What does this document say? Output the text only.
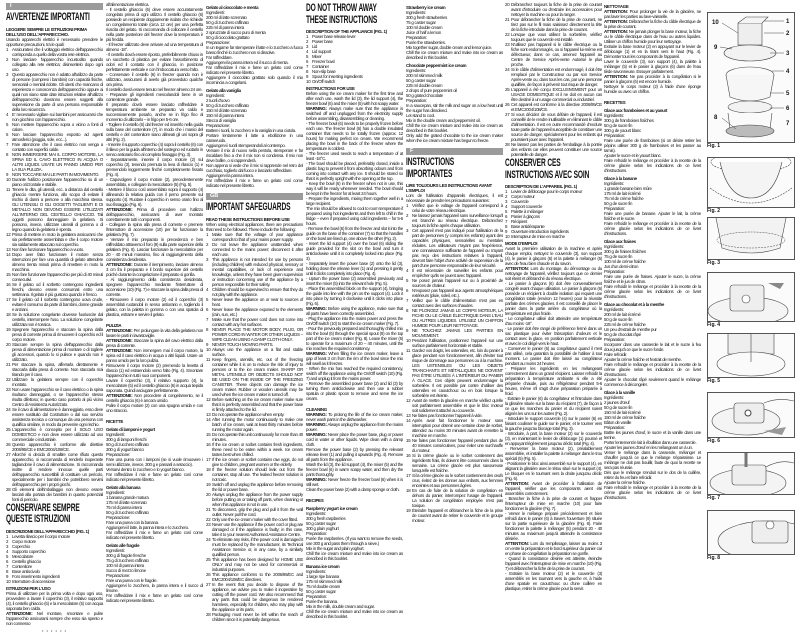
I
AVVERTENZE IMPORTANTI
LEGGERE SEMPRE LE ISTRUZIONI PRIMA DELL'USO DELL'APPARECCHIO.
Usando apparecchi elettrici è necessario prendere le opportune precauzioni, tra le quali:
1 Assicuratevi che il voltaggio elettrico dell'apparecchio corrisponda a quello della vostra rete elettrica.
2 Non lasciare l'apparecchio incustodito quando collegato alla rete elettrica; disinseritelo dopo ogni uso.
3 Questo apparecchio non è adatto all'utilizzo da parte di persone (compresi i bambini) con capacità fisiche, sensoriali o mentali ridotte. Gli utenti che mancano di esperienza e conoscenza dell'apparecchio oppure ai quali non siano state date istruzioni relative all'utilizzo dell'apparecchio dovranno essere soggetti alla supervisione da parte di una persona responsabile della loro sicurezza.
4 E' necessario vigilare sui bambini per assicurarsi che non giochino con l'apparecchio.
5 Non mettere l'apparecchio sopra o vicino a fonti di calore.
6 Non lasciare l'apparecchio esposto ad agenti atmosferici (pioggia, sole, ecc...).
7 Fare attenzione che il cavo elettrico non venga a contatto con superfici calde.
8 NON IMMERGERE MAI IL CORPO MOTORE, LA SPINA ED IL CAVO ELETTRICO IN ACQUA O ALTRI LIQUIDI. USATE UN PANNO UMIDO PER LA SUA PULIZIA.
9 NON TOCCARE MAI LE PARTI IN MOVIMENTO.
10 Durante l'utilizzo posizionare l'apparecchio su di un piano orizzontale e stabile.
11 Tenere le dita, gli utensili, ecc. a distanza dal cestello ghiaccio mentre funziona, allo scopo di evitare il rischio di danni a persone o alla macchina stessa. GLI UTENSILI O GLI OGGETTI TAGLIENTI E DI METALLO NON DEVONO ESSERE UTILIZZATI ALL'INTERNO DEL CESTELLO GHIACCIO. Tali oggetti possono danneggiare la gelatiera. Si possono, invece, utilizzare utensili di gomma o di legno quando la gelatiera è spenta.
12 Prima di mettere in moto la gelatiera assicurarsi che sia perfettamente assemblata e che il corpo motore sia saldamente attaccato sul coperchio.
13 Non fare funzionare l'apparecchio a vuoto.
14 Dopo aver fatto funzionare il motore senza interruzioni per fare una quantità di gelato attendere almeno trenta minuti prima di rimettere in moto la macchina.
15 Non fare funzionare l'apparecchio per più di 40 minuti consecutivi.
16 Se il gelato od il sorbetto contengono ingredienti freschi, devono essere consumati entro una settimana. Il gelato è più gustoso quando è fresco.
17 Se il gelato od il sorbetto contengono uova crude, evitare il consumo da parte di bambini, donne gravide e anziani.
18 Se la soluzione congelante dovesse fuoriuscire dal cestello, interrompere l'uso. La soluzione congelante utilizzata non è tossica.
19 Spegnere l'apparecchio e staccare la spina dalla presa di corrente prima di rimuovere il coperchio ed il corpo motore.
20 Staccare sempre la spina dell'apparecchio dalla presa di alimentazione prima di montare o di togliere gli accessori, quando lo si pulisce e quando non è utilizzato.
21 Per staccare la spina, afferrarla direttamente e staccarla dalla presa di corrente. Non staccarla mai tirando per il cavo.
22 Utilizzare la gelatiera sempre con il coperchio montato.
23 Non usare l'apparecchio se il cavo elettrico o la spina risultano danneggiati, o se l'apparecchio stesso risulta difettoso; in questo caso portarlo al più vicino Centro di Assistenza Autorizzato.
24 Se il cavo di alimentazione è danneggiato, esso deve essere sostituito dal Costruttore o dal suo servizio assistenza tecnica o comunque da una persona con qualifica similare, in modo da prevenire ogni rischio.
25 L'apparecchio è concepito per il SOLO USO DOMESTICO e non deve essere utilizzato ad uso commerciale o industriale.
26 Questo apparecchio è conforme alle direttive 2006/95/CE e EMC2004/108/CE.
27 Allorché si decida di smaltire come rifiuto questo apparecchio, si raccomanda di renderlo inoperante tagliandone il cavo di alimentazione. Si raccomanda inoltre di rendere innocue quelle parti dell'apparecchio suscettibili di costituire un pericolo, specialmente per i bambini che potrebbero servirsi dell'apparecchio per i propri giochi.
28 Gli elementi dell'imballaggio non devono essere lasciati alla portata dei bambini in quanto potenziali fonti di pericolo.
CONSERVARE SEMPRE QUESTE ISTRUZIONI
DESCRIZIONE DELL'APPARECCHIO (FIG. 1)
1 Levetta rilascio per il corpo motore
2 Corpo motore
3 Coperchio
4 Supporto coperchio
5 Mescolatore
6 Cestello ghiaccio
7 Contenitore
8 Base antiscivolo
9 Foro inserimento ingredienti
10 Interruttore di accensione
ISTRUZIONI PER L'USO
Prima di utilizzare per la prima volta e dopo ogni uso, provvedere a lavare il coperchio (3), il relativo supporto (4), il cestello ghiaccio (6) e la mescolatore (5) con acqua saponata ben calda.
ATTENZIONE: Nel montare, smontare e pulire l'apparecchio assicurarsi sempre che esso sia spento e non connesso
• • • • • •
all'alimentazione elettrica.
- Il cestello ghiaccio (6) deve essere accuratamente congelato prima di ogni utilizzo. Il cestello ghiaccio (6) possiede un recipiente doppiamente isolato che richiede un congelamento totale (circa 12 ore) per una perfetta riuscita del gelato. Si raccomanda di collocare il cestello nella parte posteriore del freezer dove la temperatura è più fredda.
- Il freezer utilizzato deve arrivare ad una temperatura di almeno -18°.
- Il cestello dovrà essere riposto, preferibilmente chiuso in un sacchetto di plastica per evitare l'assorbimento di odori ed il contatto con il ghiaccio, in posizione perfettamente verticale e con l'imboccatura verso l'alto.
- Conservare il cestello (6) in freezer quando non è utilizzato, assicurarsi di averlo già provveduto qualche ora prima.
Il cestello dovrà essere tenuto nel freezer almeno 24 ore.
- Preparare gli ingredienti mescolandoli bene in un contenitore grande.
Il preparato dovrà essere lasciato raffreddare a temperatura ambiente se preparato va caldo e successivamente posarlo, anche se in frigo fino al momento di utilizzarlo – in frigo per 5-6 ore.
- Togliere il cestello (6) dal freezer ed inserirlo nella guida sulla base del contenitore (7), in modo che i manici del cestello e del contenitore siano allineati gli uni sopra gli altri (Fig. 2).
- Inserire il supporto coperchio (4) sopra il cestello (6) con il rilievo per la guida all'interno del sostegno ed ruotarlo in senso antiorario fino al completo fissaggio (Fig. 3).
- Separatamente, inserire il corpo motore (2) sul coperchio (3), tenendo premuta la leva di rilascio (1) e premendolo leggermente finché completamente fissato (Fig. 4).
- Capovolgere il corpo motore (2), precedentemente assemblato, e collegare la mescolatore (5) (Fig. 5).
- Mettere il blocco così assemblato sopra il supporto (4) allineando la relativa guida con il perno presente sul supporto (4). Ruotare il coperchio in senso orario fino al suo fissaggio (Fig. 6).
ATTENZIONE: Prima di procedere con l'utilizzo dell'apparecchio, assicurarsi di aver montato correttamente tutti i componenti.
- Collegare la spina alla presa di corrente e premere l'interruttore di accensione (10) per far funzionare la gelatiera (Fig. 7).
- Versare il mix preparato in precedenza e ben raffreddato attraverso il foro (9) sulla parte superiore della gelatiera (Fig. 8). Lasciar funzionare la mescolatrice per 20 - 40 minuti massimo, fino al raggiungimento della consistenza desiderata.
ATTENZIONE: Durante il riempimento, lasciare almeno 3 cm fra il preparato e il bordo superiore del cestello poiché durante la congelazione il preparato si gonfia.
- Al raggiungimento della consistenza desiderata, spegnere l'apparecchio mediante l'interruttore di accensione (10) (Fig. 7) e staccare la spina dalla presa di corrente.
- Rimuovere il corpo motore (2) ed il coperchio (3) assemblati ruotandoli in senso antiorario e, togliendo il gelato, con la paletta in gomma o con una spatola di plastica, estrarre e servire il gelato.
PULIZIA
ATTENZIONE: Per prolungare la vita della gelatiera non lavare le parti in lavastoviglie.
ATTENZIONE: Staccare la spina del cavo elettrico dalla presa di corrente.
ATTENZIONE: Non immergere mai il corpo motore, la spina ed il cavo elettrico in acqua o altri liquidi. Usare un panno umido per la loro pulizia.
Rimuovere il corpo motore (2) premendo la levetta di rilascio (1) ed estraendolo verso l'alto (Fig. 4). Smontare l'apparecchio in tutti i suoi componenti.
Lavare il coperchio (3), il relativo supporto (4), la mescolatore (5) ed il cestello ghiaccio (6) in acqua tiepida saponata. Quindi asciugare perfettamente.
ATTENZIONE: Non procedere al congelamento, se il cestello ghiaccio (6) è ancora umido.
Pulire il corpo motore (2) con una spugna umida e con uno straccio.
RICETTE
Gelato di lamponi e yogurt
Ingredienti:
300 g di lamponi freschi
50 g di zucchero raffinato
300 g di yogurt bianco
Preparazione:
Fare una purea con i lamponi (se si vuole rimuovere i semi utilizzare, invece, 300 g e passarli a setaccio).
Versarvi dentro lo zucchero e lo yogurt bianco.
Far raffreddare il mix e farne un gelato così come indicato nel presente libretto.
Gelato alla banana
Ingredienti:
1 banana grande matura
175 ml di latte scremato
75 ml di panna intera
50 g di zucchero raffinato
Preparazione:
Fare una purea con la banana.
Aggiungervi il latte, la panna intera e lo zucchero.
Far raffreddare il mix e farne un gelato così come indicato nel presente libretto.
Gelato alle fragole
Ingredienti:
300 g di fragole fresche
75 g di zucchero raffinato
100 ml di panna intera
Succo di mezzo limone
Preparazione:
Fare una purea con le fragole.
Aggiungervi lo zucchero, la panna intera e il succo di limone.
Far raffreddare il mix e farne un gelato così come indicato nel presente libretto.
Gelato al cioccolato e menta
Ingredienti:
200 ml di latte scremato
50 g di zucchero raffinato
225 ml di panna intera
2 spruzzate di succo puro di menta
50 g di cioccolato grattato
Preparazione:
In un tegame far stemperare il latte e lo zucchero a fuoco basso finché lo zucchero non si dissolve.
Far raffreddare.
Aggiungervi la panna intera ed il succo di menta.
Far raffreddare il mix e farne un gelato così come indicato nel presente libretto.
Aggiungere il cioccolato grattato solo quando il mix incomincia a congelarsi.
Gelato alla vaniglia
Ingredienti:
2 tuorli d'uovo
50 g di zucchero raffinato
150 ml di latte scremato
150 ml di panna intera
Stecca di vaniglia
Preparazione:
Battere i tuorli, lo zucchero e la vaniglia in una ciotola.
Portare lentamente il latte a ebollizione in una casseruola.
Aggiungervi i tuorli stemperandoli al contempo.
Versare il mix di nuovo nella pentola, stemperare e far riscaldare fino a che il mix non si condensa. Il mix non deve bollire, o si rapprenderà.
Non appena si vede che il mix si rapprende nel retro del cucchiaio, toglierlo dal fuoco e lasciarlo raffreddare.
Aggiungervi la panna intera.
Far raffreddare il mix e farne un gelato così come indicato nel presente libretto.
GB
IMPORTANT SAFEGUARDS
READ THESE INSTRUCTIONS BEFORE USE
When using electrical appliances, there are precautions that need to be followed. These include the following:
1 Make sure that the voltage of your appliance corresponds to that of your mains power supply.
2 Do not leave the appliance unattended when connected to the mains power; disconnect it after each use.
3 This appliance is not intended for use by persons (including children) with reduced physical, sensory or mental capabilities, or lack of experience and knowledge, unless they have been given supervision or instruction concerning use of the appliance by a person responsible for their safety.
4 Children should be supervised to ensure that they do not play with the appliance.
5 Never leave the appliance on or near to sources of heat.
6 Never leave the appliance exposed to the elements (rain, sun, etc.)
7 Make sure that the power cord does not come into contact with any hot surfaces.
8 NEVER PLACE THE MOTOR BODY, PLUG, OR POWER CORD IN WATER OR OTHER LIQUIDS – WIPE CLEAN USING A DAMP CLOTH ONLY.
9 NEVER TOUCH MOVING PARTS.
10 Always use the appliance on a flat and stable surface.
11 Keep fingers, utensils, etc. out of the freezing container while it is on to reduce the risk of injury to persons or to the ice cream maker. SHARP OR METAL UTENSILS OR OBJECTS SHOULD NOT BE USED ON THE INSIDE OF THE FREEZING CANISTER. These objects can damage the ice cream maker. Rubber or wooden utensils may be used when the ice cream maker is turned off.
12 Before switching on the ice cream maker make sure that it is perfectly assembled and that the power base is firmly attached to the lid.
13 Do not operate the appliance when empty.
14 After running the motor continuously to make one batch of ice cream, wait at least thirty minutes before running the motor again.
15 Do not operate this unit continuously for more than 40 minutes.
16 If the ice cream or sorbet contains fresh ingredients, these need to be eaten within a week. Ice cream tastes best when chilled.
17 If the ice cream or sorbet contains raw eggs, do not give to children, pregnant women or the elderly.
18 If the freezer solution should leak out from the container, stop all use. The leaked freezer solution is not toxic.
19 Switch off and unplug the appliance before removing the lid or power base.
20 Always unplug the appliance from the power supply before putting on or taking off parts, when cleaning or when this appliance is not in use.
21 To disconnect, grip the plug and pull it from the wall outlet. Never pull the cord.
22 Only use the ice cream maker with the cover fitted.
23 Never use the appliance if the power cord or plug are damaged or if the appliance is faulty; in this case, take it to your nearest Authorised Assistance Centre.
24 To eliminate any risks, if the power cord is damaged it must be replaced by the manufacturer, its Technical Assistance Service or, in any case, by a similarly qualified person.
25 This appliance has been designed for HOME USE ONLY and may not be used for commercial or industrial purposes.
26 This appliance conforms to the 2006/95/EC and EMC2004/108/EC directives.
27 In the event that you decide to dispose of the appliance, we advise you to make it inoperative by cutting off the power cord. We also recommend that any parts that could be dangerous be rendered harmless, especially for children, who may play with the appliance or its parts.
28 Packaging must never be left within the reach of children since it is potentially dangerous.
DO NOT THROW AWAY THESE INSTRUCTIONS
DESCRIPTION OF THE APPLIANCE (FIG. 1)
1 Power base release lever
2 Power base
3 Lid
4 Lid support
5 Mixer
6 Freezer bowl
7 Container
8 Non-slip base
9 Spout for inserting ingredients
10 On/Off switch
INSTRUCTIONS FOR USE
Before using the ice cream maker for the first time and after each use, wash the lid (3), the lid support (4), the freezer bowl (6) and the mixer (5) with hot soapy water.
WARNING: Always make sure that the appliance is switched off and unplugged from the electricity supply before assembling, disassembling or cleaning.
- The freezer bowl (6) needs to be properly frozen before each use. The freezer bowl (6) has a double insulated container that needs to be totally frozen (approx. 12 hours) for making perfect ice cream. We recommend placing the bowl in the back of the freezer where the temperature is coldest.
- The freezer used needs to reach a temperature of at least -18°C.
- The bowl should be placed, preferably closed, inside a plastic bag to prevent it from absorbing odours and from coming into contact with any ice. It should be stored so that it is perfectly upright with the opening at the top.
- Keep the bowl (6) in the freezer when not in use, this way it will be ready whenever needed. The bowl should be kept in the freezer for at least 24 hours.
- Prepare the ingredients, mixing them together well in a large recipient.
The mix should be allowed to cool to room temperature if prepared using hot ingredients and then left to chill in the fridge – even if prepared using cold ingredients – for 5-6 hours.
- Remove the bowl (6) from the freezer and slot it into the guide on the base of the container (7) so that the handles on the bowl are lined up, one above the other (Fig. 2).
- Insert the lid support (4) over the bowl (6) sliding the guide provided for the slot on the bowl and turn it anticlockwise until it is completely locked into place (Fig. 3).
- Separately insert the power base (2) onto the lid (3), holding down the release lever (1) and pressing it gently until it clicks completely into place (Fig. 4).
- Upturn the power base (2) assembled previously and insert the mixer (5) into the relevant hole (Fig. 5).
- Place this assembled block on the support (4), bringing the guide into line with the pin on the support (4). Lock it into place by turning it clockwise until it clicks into place (Fig. 6).
WARNING: Before using the appliance, make sure that all parts have been correctly assembled.
- Plug the appliance into the mains power and press the On/Off switch (10) to start the ice cream maker (Fig. 7).
- Pour the previously prepared and thoroughly chilled mix into the bowl (6) through the special spout (9) on the top part of the ice cream maker (Fig. 8). Leave the mixer (5) to operate for a maximum of 20 – 40 minutes, until the mix reaches the required consistency.
WARNING: When filling the ice cream maker, leave a gap of least 3 cm from the rim of the bowl since the mix will swell as it freezes.
- When the mix has reached the required consistency, switch off the appliance using the On/Off switch (10) (Fig. 7) and unplug it from the mains power.
- Remove the assembled power base (2) and lid (3) by turning them anticlockwise and then use a rubber spatula or plastic spoon to remove and serve the ice cream.
CLEANING
WARNING: To prolong the life of the ice cream maker, never wash parts in the dishwasher.
WARNING: Always unplug the appliance from the mains power.
WARNING: Never place the power base, plug or power cord in water or other liquids. Wipe clean with a damp cloth.
Remove the power base (2) by pressing the relevant release lever (1) and pulling it upwards (Fig. 4). Remove all parts from the appliance.
Wash the lid (3), the lid support (4), the mixer (5) and the freezer bowl (6) in warm soapy water, and then dry the parts thoroughly.
WARNING: Never freeze the freezer bowl (6) when it is still wet.
Clean the power base (2) with a damp sponge or cloth.
RECIPES
Raspberry yogurt ice cream
Ingredients:
300 g fresh raspberries
50 g caster sugar
300 g plain yoghurt
Preparation:
Purée the raspberries. (If you want to remove the seeds, use 300 g and pass them through a sieve.)
Mix in the sugar and plain yoghurt.
Chill the ice cream mixture and make into ice cream as described in this booklet.
Banana ice cream
Ingredients:
1 large ripe banana
175 ml skimmed milk
75 ml double cream
50 g caster sugar
Preparation:
Purée the banana.
Mix in the milk, double cream and sugar.
Chill the ice cream mixture and make into ice cream as described in this booklet.
Strawberry ice cream
Ingredients:
300 g fresh strawberries
75 g caster sugar
100 ml double cream
Juice of half a lemon
Preparation:
Purée the strawberries.
Mix together sugar, double cream and lemon juice.
Chill the ice cream mixture and make into ice cream as described in this booklet.
Chocolate peppermint ice cream
Ingredients:
200 ml skimmed milk
50 g caster sugar
225 ml double cream
2 drops of pure peppermint oil
50 g grated chocolate
Preparation:
In a saucepan, stir the milk and sugar on a low heat until the sugar has dissolved.
Let stand to cool.
Mix in the double cream and peppermint oil.
Chill the ice cream mixture and make into ice cream as described in this booklet.
Only add the grated chocolate to the ice cream maker when the ice cream mixture has begun to freeze.
F
INSTRUCTIONS IMPORTANTES
LIRE TOUJOURS LES INSTRUCTIONS AVANT L'EMPLOI
Lors de l'utilisation d'appareils électriques, il est nécessaire de prendre les précautions suivantes:
1 Vérifiez que le voltage de l'appareil correspond à celui de votre réseau électrique.
2 Ne laissez jamais l'appareil sans surveillance lorsqu'il est branché au réseau électrique. Débranchez toujours la fiche après chaque utilisation.
3 Cet appareil n'est pas indiqué pour l'utilisation de la part de personnes (y compris les enfants) ayant des capacités physiques, sensorielles ou mentales réduites. Les utilisateurs n'ayant pas l'expérience, une connaissance suffisante de l'appareil ou n'ayant pas reçu des instructions relatives à l'appareil, devront faire l'objet d'une activité de supervision de la part d'une personne responsable de leur sécurité.
4 Il est nécessaire de surveiller les enfants pour empêcher qu'ils ne jouent avec l'appareil.
5 Ne posez jamais l'appareil sur ou à proximité de sources de chaleur.
6 N'exposez pas l'appareil aux agents atmosphériques extérieurs (pluie, soleil, etc.).
7 Veillez que le câble d'alimentation n'est pas en contact avec des surfaces chaudes.
8 NE PLONGEZ JAMAIS LE CORPS MOTEUR, LA FICHE OU LE CÂBLE ÉLECTRIQUE DANS L'EAU OU AUTRES LIQUIDES. UTILISEZ UN CHIFFON HUMIDE POUR LEUR NETTOYAGE.
9 NE TOUCHEZ JAMAIS LES PARTIES EN MOUVEMENT.
10 Pendant l'utilisation, positionnez l'appareil sur une surface parfaitement horizontale et stable.
11 Gardez vos doigts, les ustensiles, etc. loin du panier à glace pendant son fonctionnement, afin d'éviter tout risque de dommage aux personnes ou à la machine. LES USTENSILES OU LES OBJETS TRANCHANTS ET MÉTALLIQUES NE DOIVENT PAS ÊTRE UTILISÉS À L'INTÉRIEUR DU PANIER À GLACE. Ces objets peuvent endommager la sorbetière. Il est possible par contre d'utiliser des ustensiles en caoutchouc ou en bois lorsque la sorbetière est éteinte.
12 Avant de mettre la glacière en marche vérifiez qu'elle soit parfaitement assemblée et que le bloc moteur soit solidement attaché au couvercle.
13 Ne faites pas fonctionner l'appareil à vide.
14 Après avoir fait fonctionner le moteur sans interruption pour obtenir une certaine dose de sorbet, attendez au moins 30 minutes avant de remettre la machine en marche.
15 Ne faites pas fonctionner l'appareil pendant plus de 40 minutes consécutives, pour éviter une surchauffe du moteur.
16 Si la crème glacée ou le sorbet contiennent des ingrédients frais, ils doivent être consommés dans la semaine. La crème glacée est plus savoureuse lorsqu'elle est fraîche.
17 Si la crème glacée ou le sorbet contiennent des œufs crus, évitez de les donner aux enfants, aux femmes enceintes et aux personnes âgées.
18 En cas de fuite de la solution de congélation en dehors du panier, interrompez l'usage de l'appareil. La solution de congélation employée n'est pas toxique.
19 Éteindre l'appareil et débrancher la fiche de la prise de courant avant de retirer le couvercle et le groupe moteur.
20 Débranchez toujours la fiche de la prise de courant avant d'introduire ou d'extraire les accessoires pour nettoyer la machine ou pour la ranger.
21 Pour débrancher la fiche de la prise de courant, ne tirez pas sur le fil mais saisissez directement la tête de la fiche introduite dans la prise de courant.
22 Lorsque que vous utilisez la sorbetière, vérifiez toujours que le couvercle est installé.
23 N'utilisez pas l'appareil si le câble électrique ou la fiche sont endommagés, ou si l'appareil lui-même est défectueux; dans ce cas, amenez l'appareil au Centre de Service Après-vente Autorisé le plus proche.
24 Si le câble d'alimentation est endommagé, il doit être remplacé par le Constructeur ou par son Service Après-vente ou, dans tous les cas, par une personne qualifiée, de façon à prévenir tout risque de danger.
25 L'appareil a été conçu EXCLUSIVEMENT pour un USAGE DOMESTIQUE et il ne doit en aucun cas être destiné à un usage commercial ou industriel.
26 Cet appareil est conforme à la directive 2006/95/CE et EMC2004/108/CE.
27 Si vous décidez de vous défaire de l'appareil, il est conseillé de le rendre inutilisable en éliminant le câble d'alimentation. Il est en outre recommandé d'exclure toute partie de l'appareil susceptible de constituer une source de danger, spécialement pour les enfants qui pourraient jouer avec l'appareil.
28 Ne laissez pas les parties de l'emballage à la portée des enfants car elles peuvent constituer une source potentielle de danger.
CONSERVER CES INSTRUCTIONS AVEC SOIN
DESCRIPTION DE L'APPAREIL (FIG. 1)
1 Levier de déblocage pour le corps moteur
2 Corps moteur
3 Couvercle
4 Support couvercle
5 Palette à mélanger
6 Panier à glaçons
7 Récipient
8 Base antidérapante
9 Ouverture introduction ingrédients
10 Interrupteur de mise en marche
MODE D'EMPLOI
Avant la première utilisation de la machine et après chaque emploi, nettoyez le couvercle (3), son support (4), le panier à glaçons (6) et la palette à mélanger (5) avec de l'eau bien chaude et du savon.
ATTENTION: Lors du montage, du démontage ou du nettoyage de l'appareil, vérifiez toujours que ce dernier soit éteint et débranché du réseau électrique.
- Le panier à glaçons (6) doit être convenablement congelé avant chaque utilisation. Le panier à glaçons (6) possède un récipient à double isolation qui requiert une congélation totale (environ 12 heures) pour la réussite parfaite des crèmes glacées. Il est conseillé de placer le panier dans la partie arrière du congélateur où la température est plus froide.
- Le congélateur utilisé doit atteindre une température d'au moins -18°.
- Le panier doit être rangé de préférence fermé dans un sac plastique pour éviter l'absorption d'odeurs et le contact avec la glace, en position parfaitement verticale et avec le col dirigé vers le haut.
- Conserver le panier (6) au congélateur quand il n'est pas utilisé, cela garantira la possibilité de l'utiliser à tout moment. Le panier doit être laissé au congélateur pendant au moins 24 heures.
- Préparer les ingrédients en les mélangeant correctement dans un grand récipient. Laisser refroidir la préparation à température ambiante si elle a été préparée chaude, puis au réfrigérateur pendant 5-6 heures, même s'il s'agit d'une préparation préparée à froid.
- Extraire le panier (6) du congélateur et l'introduire dans la glissière située sur la base du récipient (7), de façon à ce que les manches du panier et du récipient soient alignés les uns sur les autres (Fig. 2).
- Introduire le support couvercle (4) sur le panier (6) en faisant coulisser le guide sur le panier, et le tourner vers la gauche jusqu'au blocage total (Fig. 3).
- Introduire, à part, la base moteur (2) sur le couvercle (3), en maintenant le levier de déblocage (1) poussé et en appuyant légèrement jusqu'au déclic total (Fig. 4).
- Renverser la base moteur (2), préalablement assemblée, et installer la palette à mélanger dans le trou spécial (5) (Fig. 5).
- Positionner le bloc ainsi assemblé sur le support (4), en alignant la glissière avec le tétou situé sur le support (4). Le bloquer en le tournant vers la droite jusqu'au déclic (Fig. 6).
ATTENTION: Avant de procéder à l'utilisation de l'appareil, vérifier que les composants aient été assemblés correctement.
- Brancher la fiche à la prise de courant et frapper l'interrupteur de mise en marche (10) pour faire fonctionner la glacière (Fig. 7).
- Verser le mélange préparé précédemment et bien refroidi dans le panier (6) à travers l'ouverture (9) située sur la partie supérieure de la glacière (Fig. 8). Faire fonctionner la palette à mélanger (5) pendant 20 - 40 minutes au maximum jusqu'à atteindre la consistance désirée.
ATTENTION: Lors du remplissage, laisser au moins 3 cm entre la préparation et le bord supérieur du panier car en phase de congélation la préparation se gonfle.
- Quand la consistance désirée est atteinte, éteindre l'appareil avec l'interrupteur de mise en marche (10) (Fig. 7) et débrancher la fiche de la prise de courant.
- Extraire la base moteur (2) et le couvercle (3) assemblés en les tournant vers la gauche et, à l'aide d'une spatule en caoutchouc ou d'une cuillère en plastique, retirer la crème glacée pour la servir.
NETTOYAGE
ATTENTION: Pour prolonger la vie de la glacière, ne pas laver les parties au lave-vaisselle.
ATTENTION: Débrancher la fiche du câble électrique de la prise de courant.
ATTENTION: Ne jamais plonger la base moteur, la fiche ou le câble électrique dans de l'eau ou autres liquides. Utiliser un chiffon humide pour leur nettoyage.
Extraire la base moteur (2) en appuyant sur le levier de déblocage (1) et en la tirant vers le haut (Fig. 4). Démonter tous les composants de l'appareil.
Laver le couvercle (3), son support (4), la palette à mélanger (5) et le panier à glaçons (6) dans de l'eau tiède savonneuse. Essuyer parfaitement.
ATTENTION: Ne pas procéder à la congélation si le panier à glaçons (6) est encore humide.
Nettoyer le corps moteur (2) à l'aide d'une éponge humide ou avec un chiffon.
RECETTES
Glace aux framboises et au yaourt
Ingrédients:
300 g de framboises fraîches
50 g de sucre fin
300 g de yaourt blanc
Préparation:
Faire une purée de framboises (si on désire retirer les pépins utiliser 300 g de framboises et les passer au tamis).
Ajouter le sucre et le yaourt blanc.
Faire refroidir le mélange et procéder à la recette de la crème glacée selon les indications de ce livret d'instructions.
Glace à la banane
Ingrédients:
1 grande banane bien mûre
175 ml de lait écrémé
75 ml de crème fraîche
50 g de sucre fin
Préparation:
Faire une purée de banane. Ajouter le lait, la crème fraîche et le sucre.
Faire refroidir le mélange et procéder à la recette de la crème glacée selon les indications de ce livret d'instructions.
Glace aux fraises
Ingrédients:
300 g de fraises fraîches
75 g de sucre fin
100 ml de crème fraîche
Jus d'un demi-citron
Préparation:
Faire une purée de fraises. Ajouter le sucre, la crème fraîche et le jus de citron.
Faire refroidir le mélange et procéder à la recette de la crème glacée selon les indications de ce livret d'instructions.
Glace au chocolat et à la menthe
Ingrédients:
200 ml de lait écrémé
50 g de sucre fin
225 ml de crème fraîche
Un peu d'extrait de menthe pur
50 g de chocolat râpé
Préparation:
Incorporer dans une casserole le lait et le sucre à feu doux jusqu'à ce que le sucre fonde.
Faire refroidir.
Ajouter la crème fraîche et l'extrait de menthe.
Faire refroidir le mélange et procéder à la recette de la crème glacée selon les indications de ce livret d'instructions.
Ajouter le chocolat râpé seulement quand le mélange commence à décongeler.
Glace à la vanille
Ingrédients:
2 jaunes d'œuf
50 g de sucre fin
150 ml de lait écrémé
150 ml de crème fraîche
Bâton de vanille
Préparation:
Battre les jaunes d'œuf, le sucre et la vanille dans une terrine.
Porter lentement le lait à ébullition dans une casserole.
Ajouter les jaunes d'œuf en les mélangeant un à un.
Verser le mélange dans la casserole, mélanger et chauffer jusqu'à ce que le mélange s'épaississe. Le mélange ne doit pas bouillir, faute de quoi la recette ne sera pas réussie.
Dès que le mélange s'enduit sur le dos de la cuillère, retirer du feu et faire refroidir.
Ajouter la crème fraîche.
Faire refroidir le mélange et procéder à la recette de la crème glacée selon les indications de ce livret d'instructions.
1
2
3
4
5
6
7
8
9
10
Fig. 1
Fig. 2
Fig. 3
Fig. 4
Fig. 5
Fig. 6
Fig. 7
Fig. 8
